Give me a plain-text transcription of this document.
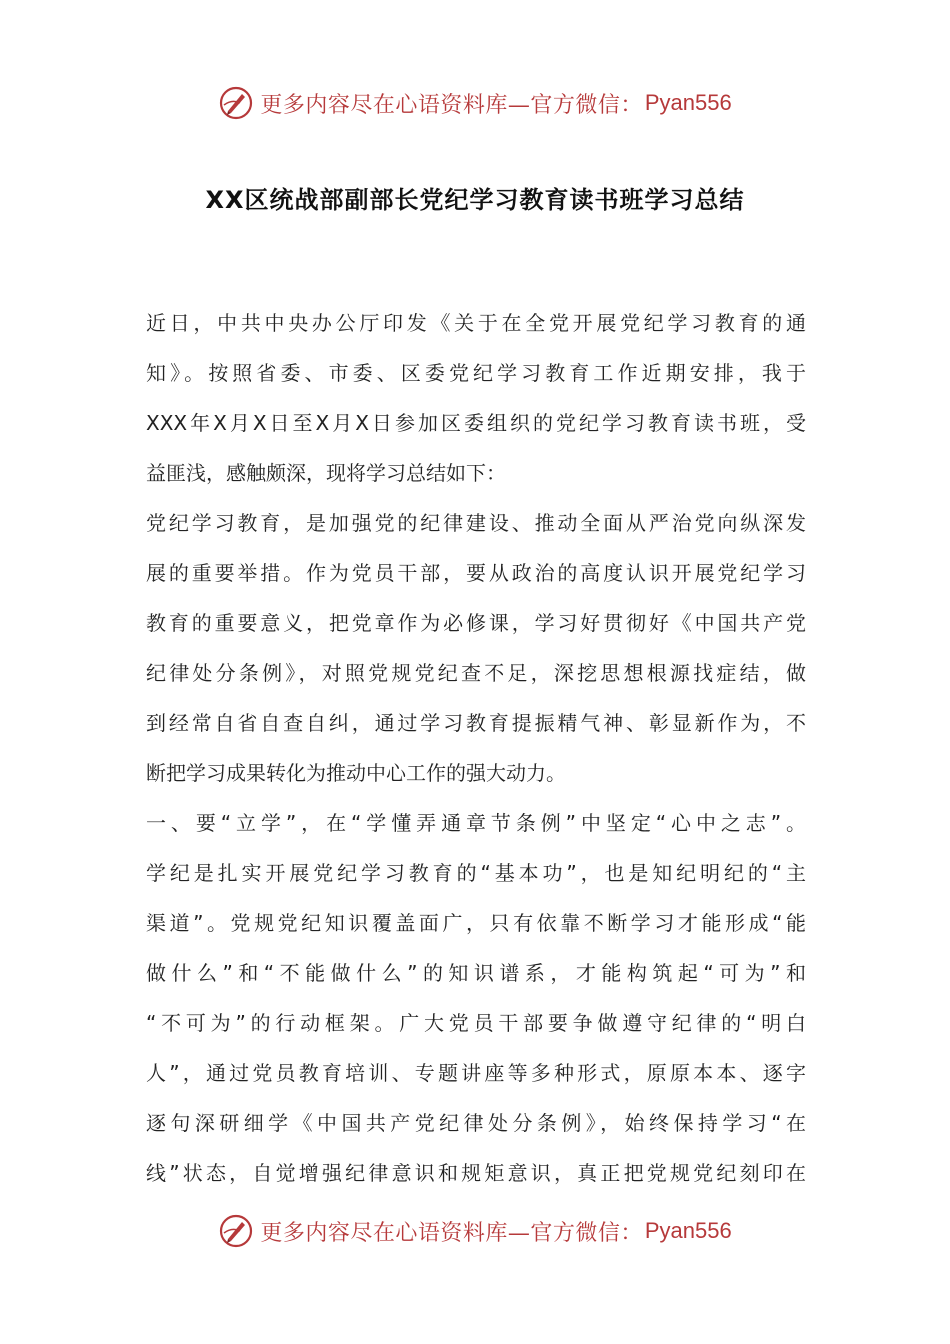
更多内容尽在心语资料库—官方微信： Pyan556
XX区统战部副部长党纪学习教育读书班学习总结
近日，中共中央办公厅印发《关于在全党开展党纪学习教育的通
知》。按照省委、市委、区委党纪学习教育工作近期安排，我于
XXX年X月X日至X月X日参加区委组织的党纪学习教育读书班，受
益匪浅，感触颇深，现将学习总结如下：
党纪学习教育，是加强党的纪律建设、推动全面从严治党向纵深发
展的重要举措。作为党员干部，要从政治的高度认识开展党纪学习
教育的重要意义，把党章作为必修课，学习好贯彻好《中国共产党
纪律处分条例》，对照党规党纪查不足，深挖思想根源找症结，做
到经常自省自查自纠，通过学习教育提振精气神、彰显新作为，不
断把学习成果转化为推动中心工作的强大动力。
一、要“立学”，在“学懂弄通章节条例”中坚定“心中之志”。
学纪是扎实开展党纪学习教育的“基本功”，也是知纪明纪的“主
渠道”。党规党纪知识覆盖面广，只有依靠不断学习才能形成“能
做什么”和“不能做什么”的知识谱系，才能构筑起“可为”和
“不可为”的行动框架。广大党员干部要争做遵守纪律的“明白
人”，通过党员教育培训、专题讲座等多种形式，原原本本、逐字
逐句深研细学《中国共产党纪律处分条例》，始终保持学习“在
线”状态，自觉增强纪律意识和规矩意识，真正把党规党纪刻印在
更多内容尽在心语资料库—官方微信： Pyan556
